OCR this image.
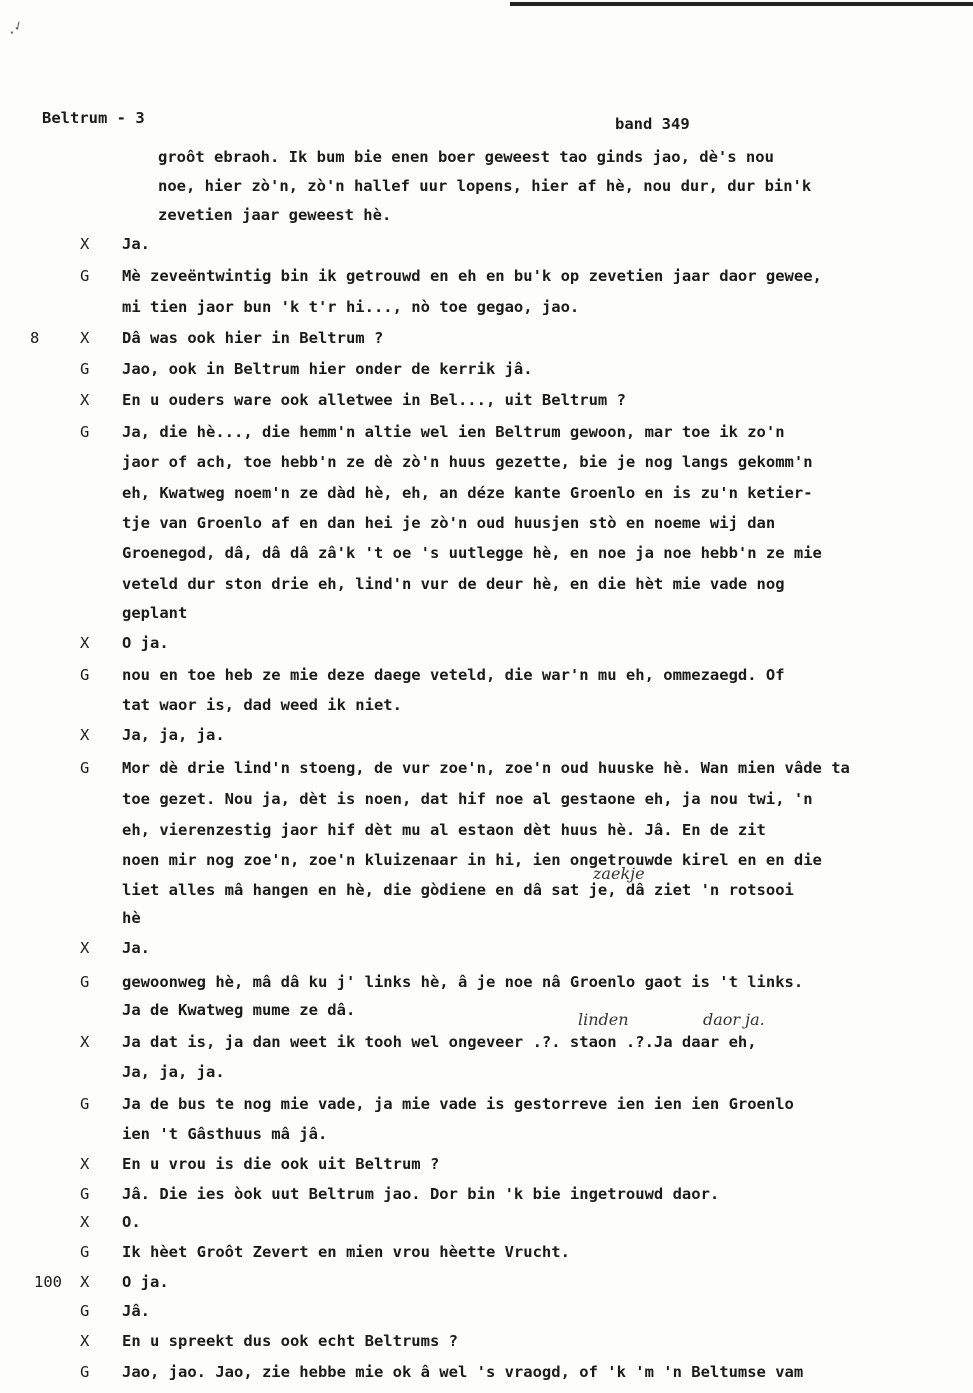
.✓
Beltrum - 3	band 349
groôt ebraoh. Ik bum bie enen boer geweest tao ginds jao, dè's nou
noe, hier zò'n, zò'n hallef uur lopens, hier af hè, nou dur, dur bin'k
zevetien jaar geweest hè.
X	Ja.
G	Mè zeveëntwintig bin ik getrouwd en eh en bu'k op zevetien jaar daor gewee,
mi tien jaor bun 'k t'r hi..., nò toe gegao, jao.
8	X	Dâ was ook hier in Beltrum ?
G	Jao, ook in Beltrum hier onder de kerrik jâ.
X	En u ouders ware ook alletwee in Bel..., uit Beltrum ?
G	Ja, die hè..., die hemm'n altie wel ien Beltrum gewoon, mar toe ik zo'n
jaor of ach, toe hebb'n ze dè zò'n huus gezette, bie je nog langs gekomm'n
eh, Kwatweg noem'n ze dàd hè, eh, an déze kante Groenlo en is zu'n ketier-
tje van Groenlo af en dan hei je zò'n oud huusjen stò en noeme wij dan
Groenegod, dâ, dâ dâ zâ'k 't oe 's uutlegge hè, en noe ja noe hebb'n ze mie
veteld dur ston drie eh, lind'n vur de deur hè, en die hèt mie vade nog
geplant
X	O ja.
G	nou en toe heb ze mie deze daege veteld, die war'n mu eh, ommezaegd. Of
tat waor is, dad weed ik niet.
X	Ja, ja, ja.
G	Mor dè drie lind'n stoeng, de vur zoe'n, zoe'n oud huuske hè. Wan mien vâde ta
toe gezet. Nou ja, dèt is noen, dat hif noe al gestaone eh, ja nou twi, 'n
eh, vierenzestig jaor hif dèt mu al estaon dèt huus hè. Jâ. En de zit
noen mir nog zoe'n, zoe'n kluizenaar in hi, ien ongetrouwde kirel en en die
liet alles mâ hangen en hè, die gòdiene en dâ sat je, dâ ziet 'n rotsooi
hè
X	Ja.
G	gewoonweg hè, mâ dâ ku j' links hè, â je noe nâ Groenlo gaot is 't links.
Ja de Kwatweg mume ze dâ.
X	Ja dat is, ja dan weet ik tooh wel ongeveer .?. staon .?.Ja daar eh,
Ja, ja, ja.
G	Ja de bus te nog mie vade, ja mie vade is gestorreve ien ien ien Groenlo
ien 't Gâsthuus mâ jâ.
X	En u vrou is die ook uit Beltrum ?
G	Jâ. Die ies òok uut Beltrum jao. Dor bin 'k bie ingetrouwd daor.
X	O.
G	Ik hèet Groôt Zevert en mien vrou hèette Vrucht.
100	X	O ja.
G	Jâ.
X	En u spreekt dus ook echt Beltrums ?
G	Jao, jao. Jao, zie hebbe mie ok â wel 's vraogd, of 'k 'm 'n Beltumse vam
zaekje
linden	daor ja.
